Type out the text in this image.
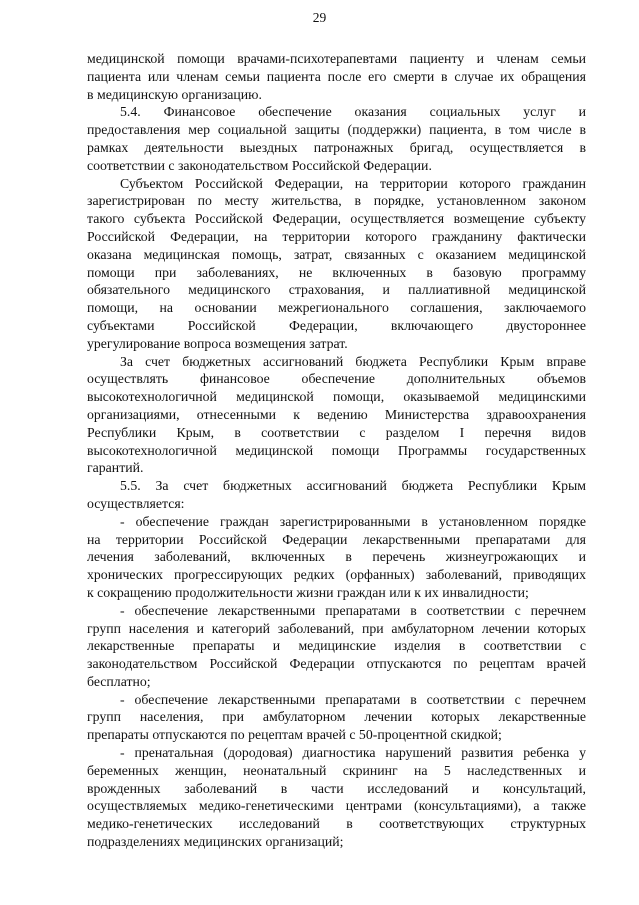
29
медицинской помощи врачами-психотерапевтами пациенту и членам семьи
пациента или членам семьи пациента после его смерти в случае их обращения
в медицинскую организацию.
5.4. Финансовое обеспечение оказания социальных услуг и
предоставления мер социальной защиты (поддержки) пациента, в том числе в
рамках деятельности выездных патронажных бригад, осуществляется в
соответствии с законодательством Российской Федерации.
Субъектом Российской Федерации, на территории которого гражданин
зарегистрирован по месту жительства, в порядке, установленном законом
такого субъекта Российской Федерации, осуществляется возмещение субъекту
Российской Федерации, на территории которого гражданину фактически
оказана медицинская помощь, затрат, связанных с оказанием медицинской
помощи при заболеваниях, не включенных в базовую программу
обязательного медицинского страхования, и паллиативной медицинской
помощи, на основании межрегионального соглашения, заключаемого
субъектами Российской Федерации, включающего двустороннее
урегулирование вопроса возмещения затрат.
За счет бюджетных ассигнований бюджета Республики Крым вправе
осуществлять финансовое обеспечение дополнительных объемов
высокотехнологичной медицинской помощи, оказываемой медицинскими
организациями, отнесенными к ведению Министерства здравоохранения
Республики Крым, в соответствии с разделом I перечня видов
высокотехнологичной медицинской помощи Программы государственных
гарантий.
5.5. За счет бюджетных ассигнований бюджета Республики Крым
осуществляется:
- обеспечение граждан зарегистрированными в установленном порядке
на территории Российской Федерации лекарственными препаратами для
лечения заболеваний, включенных в перечень жизнеугрожающих и
хронических прогрессирующих редких (орфанных) заболеваний, приводящих
к сокращению продолжительности жизни граждан или к их инвалидности;
- обеспечение лекарственными препаратами в соответствии с перечнем
групп населения и категорий заболеваний, при амбулаторном лечении которых
лекарственные препараты и медицинские изделия в соответствии с
законодательством Российской Федерации отпускаются по рецептам врачей
бесплатно;
- обеспечение лекарственными препаратами в соответствии с перечнем
групп населения, при амбулаторном лечении которых лекарственные
препараты отпускаются по рецептам врачей с 50-процентной скидкой;
- пренатальная (дородовая) диагностика нарушений развития ребенка у
беременных женщин, неонатальный скрининг на 5 наследственных и
врожденных заболеваний в части исследований и консультаций,
осуществляемых медико-генетическими центрами (консультациями), а также
медико-генетических исследований в соответствующих структурных
подразделениях медицинских организаций;
